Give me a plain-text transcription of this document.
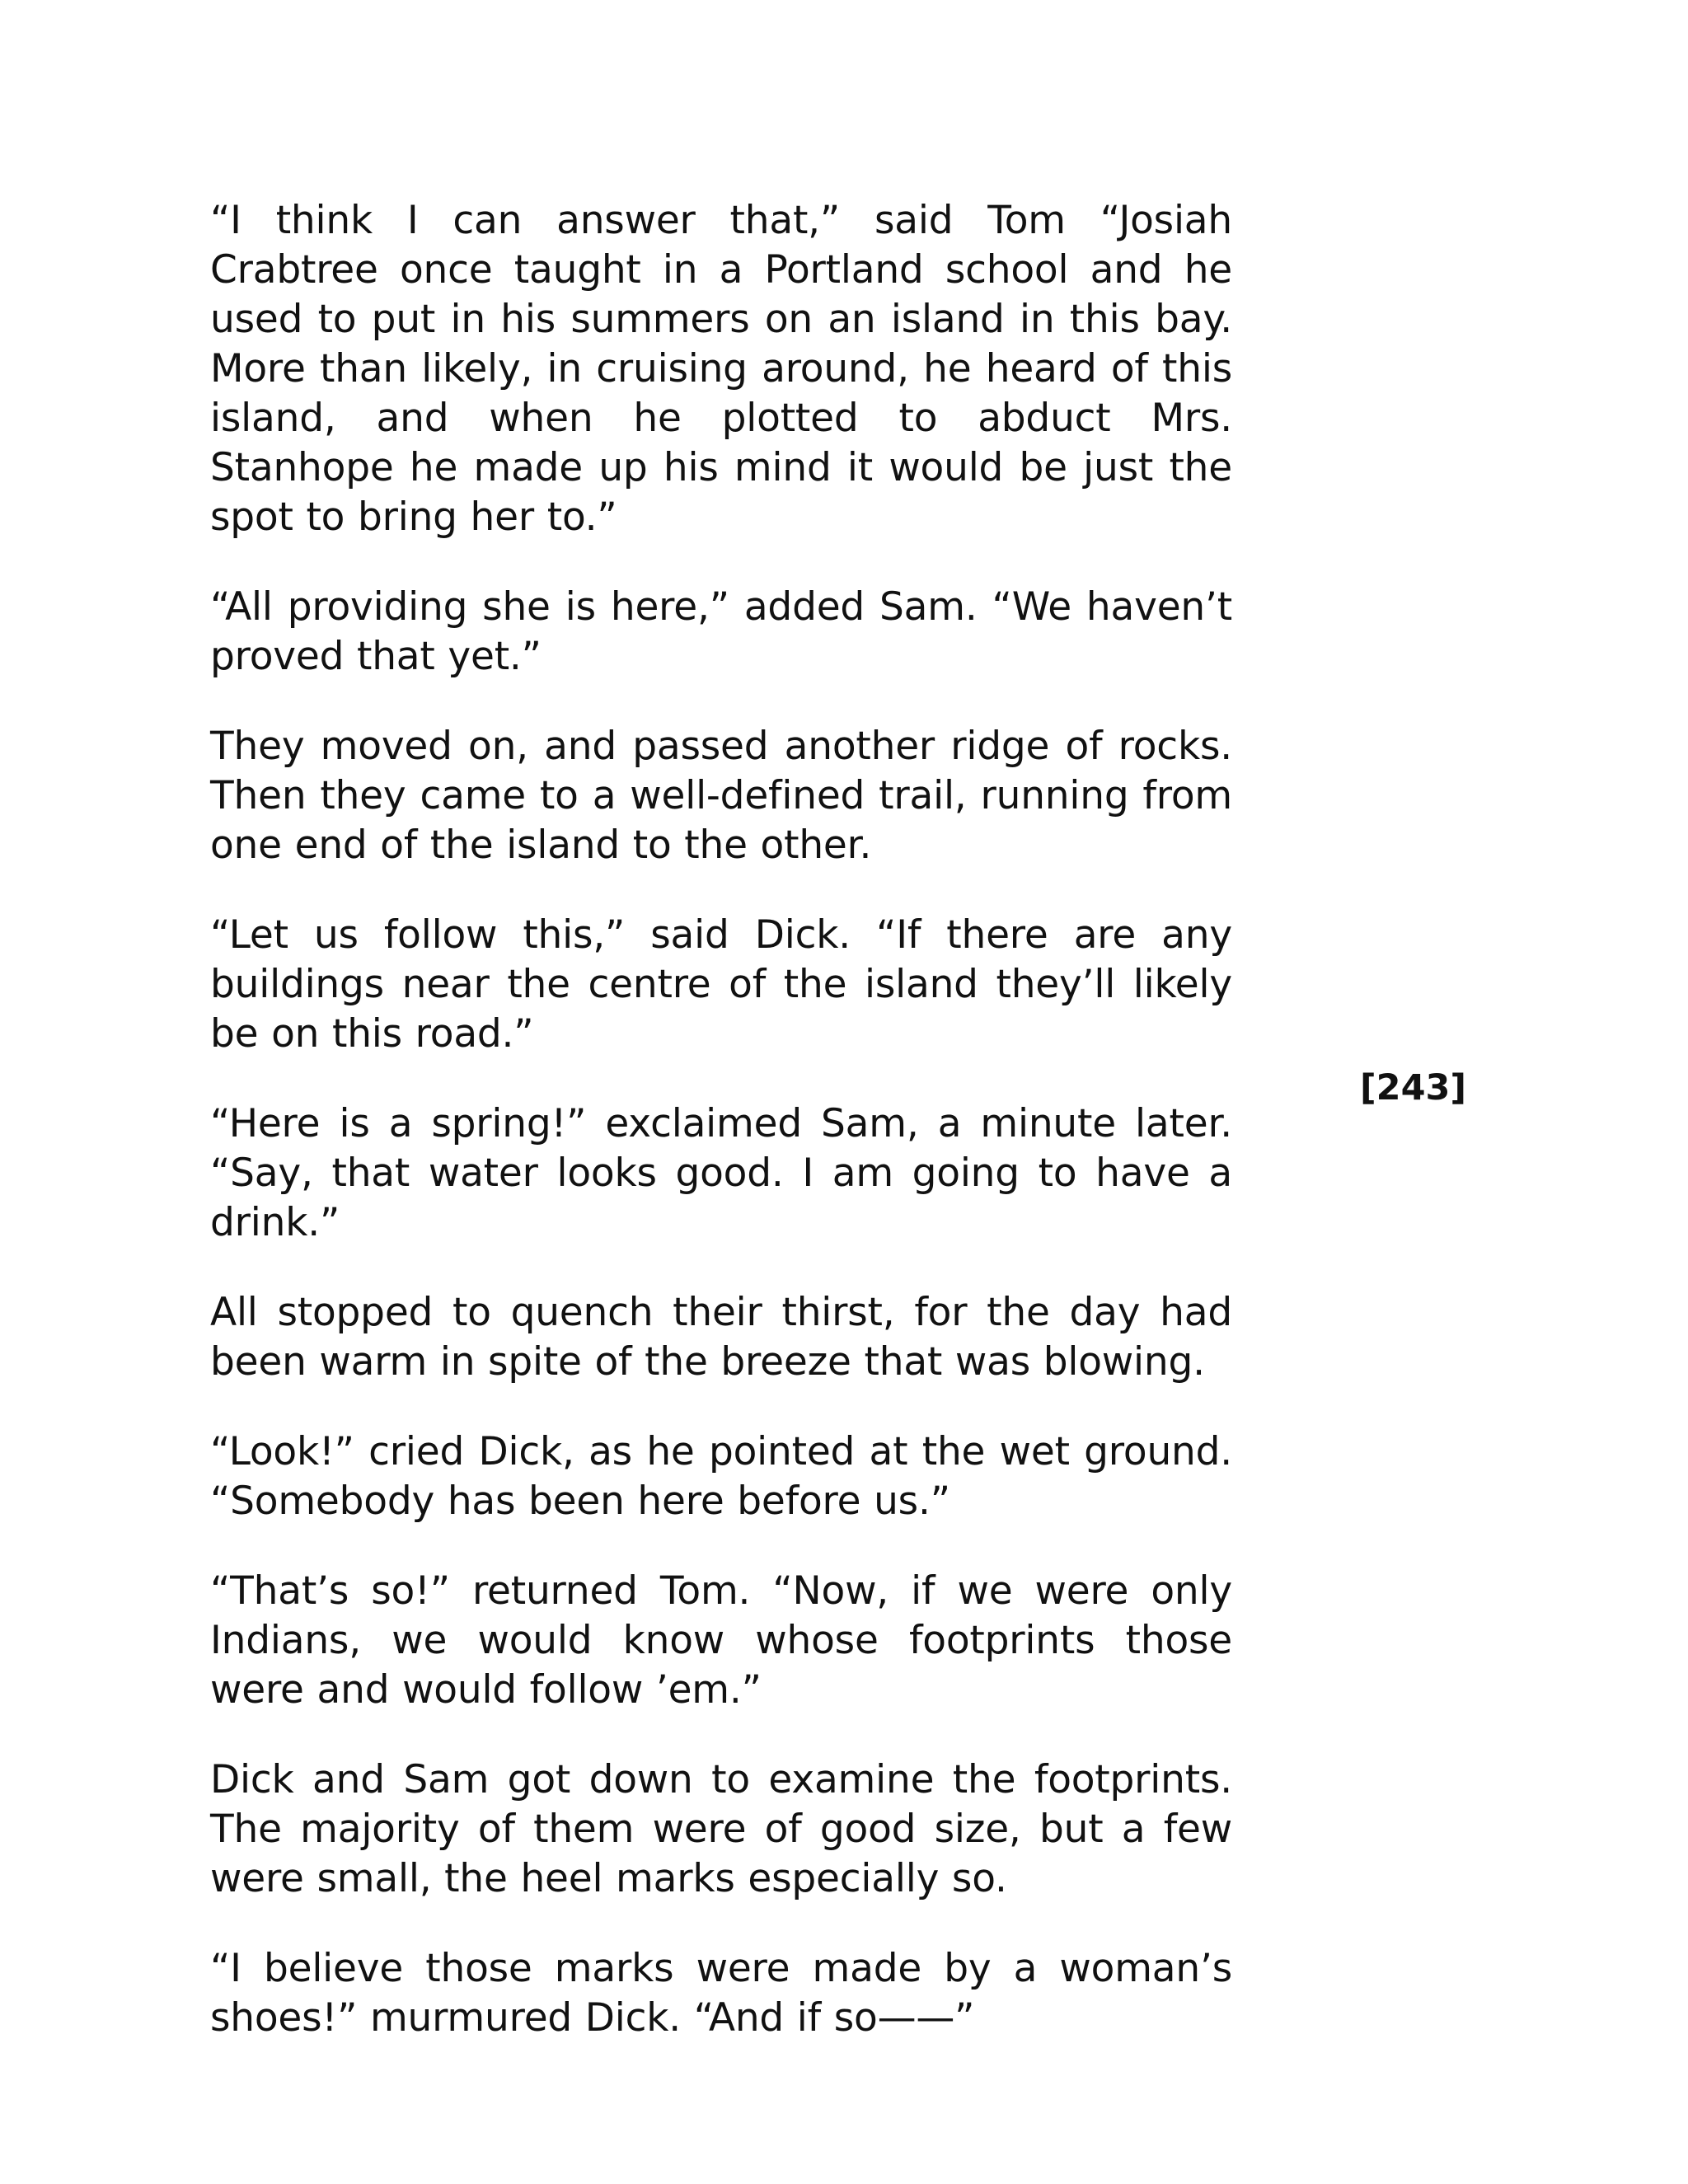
“I think I can answer that,” said Tom “Josiah Crabtree once taught in a Portland school and he used to put in his summers on an island in this bay. More than likely, in cruising around, he heard of this island, and when he plotted to abduct Mrs. Stanhope he made up his mind it would be just the spot to bring her to.”

“All providing she is here,” added Sam. “We haven’t proved that yet.”

They moved on, and passed another ridge of rocks. Then they came to a well-defined trail, running from one end of the island to the other.

“Let us follow this,” said Dick. “If there are any buildings near the centre of the island they’ll likely be on this road.”

“Here is a spring!” exclaimed Sam, a minute later. “Say, that water looks good. I am going to have a drink.”

All stopped to quench their thirst, for the day had been warm in spite of the breeze that was blowing.

“Look!” cried Dick, as he pointed at the wet ground. “Somebody has been here before us.”

“That’s so!” returned Tom. “Now, if we were only Indians, we would know whose footprints those were and would follow ’em.”

Dick and Sam got down to examine the footprints. The majority of them were of good size, but a few were small, the heel marks especially so.

“I believe those marks were made by a woman’s shoes!” murmured Dick. “And if so——”

[243]
